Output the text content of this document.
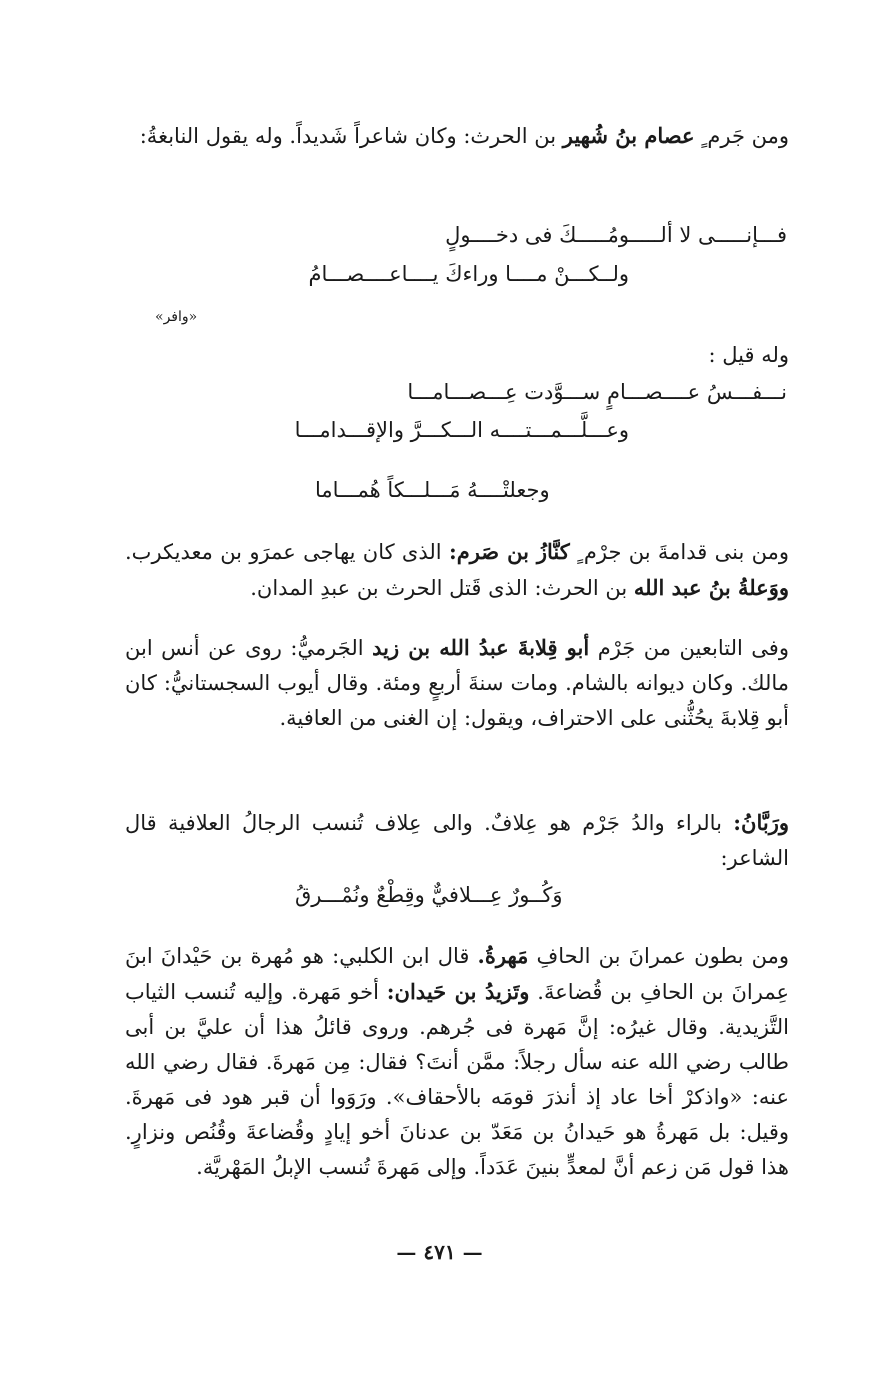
ومن جَرم ٍ عصام بنُ شُهير بن الحرث: وكان شاعراً شَديداً. وله يقول النابغةُ:
فـــإنـــــى لا ألـــــومُـــــكَ فى دخــــولٍ
ولــكـــنْ مــــا وراءكَ يــــاعــــصـــامُ
«وافر»
وله قيل :
نـــفـــسُ عــــصـــامٍ ســـوَّدت عِـــصـــامـــا
وعـــلَّـــمـــتــــه الـــكـــرَّ والإقـــدامـــا
وجعلتْــــهُ مَـــلـــكاً هُمـــاما
ومن بنى قدامةَ بن جرْم ٍ كنَّازُ بن صَرم: الذى كان يهاجى عمرَو بن معديكرب. ووَعلةُ بنُ عبد الله بن الحرث: الذى قَتل الحرث بن عبدِ المدان.
وفى التابعين من جَرْم أبو قِلابةَ عبدُ الله بن زيد الجَرميُّ: روى عن أنس ابن مالك. وكان ديوانه بالشام. ومات سنةَ أربعٍ ومئة. وقال أيوب السجستانيُّ: كان أبو قِلابةَ يحُثُّنى على الاحتراف، ويقول: إن الغنى من العافية.
ورَبَّانُ: بالراء والدُ جَرْم هو عِلافٌ. والى عِلاف تُنسب الرجالُ العلافية قال الشاعر:
وَكُــورٌ عِـــلافيٌّ وقِطْعٌ ونُمْـــرقُ
ومن بطون عمرانَ بن الحافِ مَهرةُ. قال ابن الكلبي: هو مُهرة بن حَيْدانَ ابنَ عِمرانَ بن الحافِ بن قُضاعةَ. وتَزيدُ بن حَيدان: أخو مَهرة. وإليه تُنسب الثياب التَّزيدية. وقال غيرُه: إنَّ مَهرة فى جُرهم. وروى قائلُ هذا أن عليَّ بن أبى طالب رضي الله عنه سأل رجلاً: ممَّن أنتَ؟ فقال: مِن مَهرةَ. فقال رضي الله عنه: «واذكرْ أخا عاد إذ أنذرَ قومَه بالأحقاف». ورَوَوا أن قبر هود فى مَهرةَ. وقيل: بل مَهرةُ هو حَيدانُ بن مَعَدّ بن عدنانَ أخو إيادٍ وقُضاعةَ وقُنُص ونزارٍ. هذا قول مَن زعم أنَّ لمعدٍّ بنينَ عَدَداً. وإلى مَهرةَ تُنسب الإبلُ المَهْريَّة.
— ٤٧١ —
